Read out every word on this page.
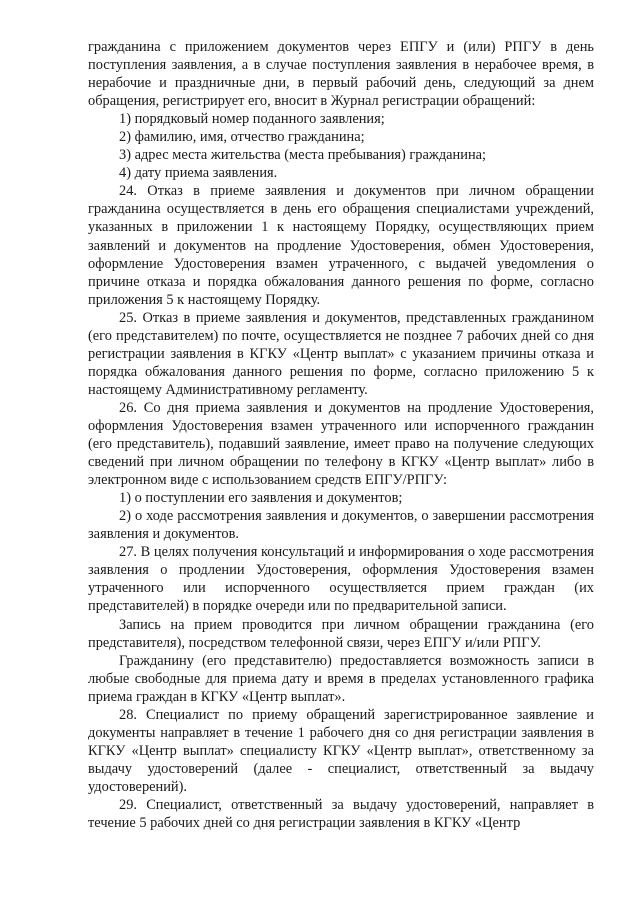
гражданина с приложением документов через ЕПГУ и (или) РПГУ в день поступления заявления, а в случае поступления заявления в нерабочее время, в нерабочие и праздничные дни, в первый рабочий день, следующий за днем обращения, регистрирует его, вносит в Журнал регистрации обращений:

1) порядковый номер поданного заявления;

2) фамилию, имя, отчество гражданина;

3) адрес места жительства (места пребывания) гражданина;

4) дату приема заявления.

24. Отказ в приеме заявления и документов при личном обращении гражданина осуществляется в день его обращения специалистами учреждений, указанных в приложении 1 к настоящему Порядку, осуществляющих прием заявлений и документов на продление Удостоверения, обмен Удостоверения, оформление Удостоверения взамен утраченного, с выдачей уведомления о причине отказа и порядка обжалования данного решения по форме, согласно приложения 5 к настоящему Порядку.

25. Отказ в приеме заявления и документов, представленных гражданином (его представителем) по почте, осуществляется не позднее 7 рабочих дней со дня регистрации заявления в КГКУ «Центр выплат» с указанием причины отказа и порядка обжалования данного решения по форме, согласно приложению 5 к настоящему Административному регламенту.

26. Со дня приема заявления и документов на продление Удостоверения, оформления Удостоверения взамен утраченного или испорченного гражданин (его представитель), подавший заявление, имеет право на получение следующих сведений при личном обращении по телефону в КГКУ «Центр выплат» либо в электронном виде с использованием средств ЕПГУ/РПГУ:

1) о поступлении его заявления и документов;

2) о ходе рассмотрения заявления и документов, о завершении рассмотрения заявления и документов.

27. В целях получения консультаций и информирования о ходе рассмотрения заявления о продлении Удостоверения, оформления Удостоверения взамен утраченного или испорченного осуществляется прием граждан (их представителей) в порядке очереди или по предварительной записи.

Запись на прием проводится при личном обращении гражданина (его представителя), посредством телефонной связи, через ЕПГУ и/или РПГУ.

Гражданину (его представителю) предоставляется возможность записи в любые свободные для приема дату и время в пределах установленного графика приема граждан в КГКУ «Центр выплат».

28. Специалист по приему обращений зарегистрированное заявление и документы направляет в течение 1 рабочего дня со дня регистрации заявления в КГКУ «Центр выплат» специалисту КГКУ «Центр выплат», ответственному за выдачу удостоверений (далее - специалист, ответственный за выдачу удостоверений).

29. Специалист, ответственный за выдачу удостоверений, направляет в течение 5 рабочих дней со дня регистрации заявления в КГКУ «Центр
